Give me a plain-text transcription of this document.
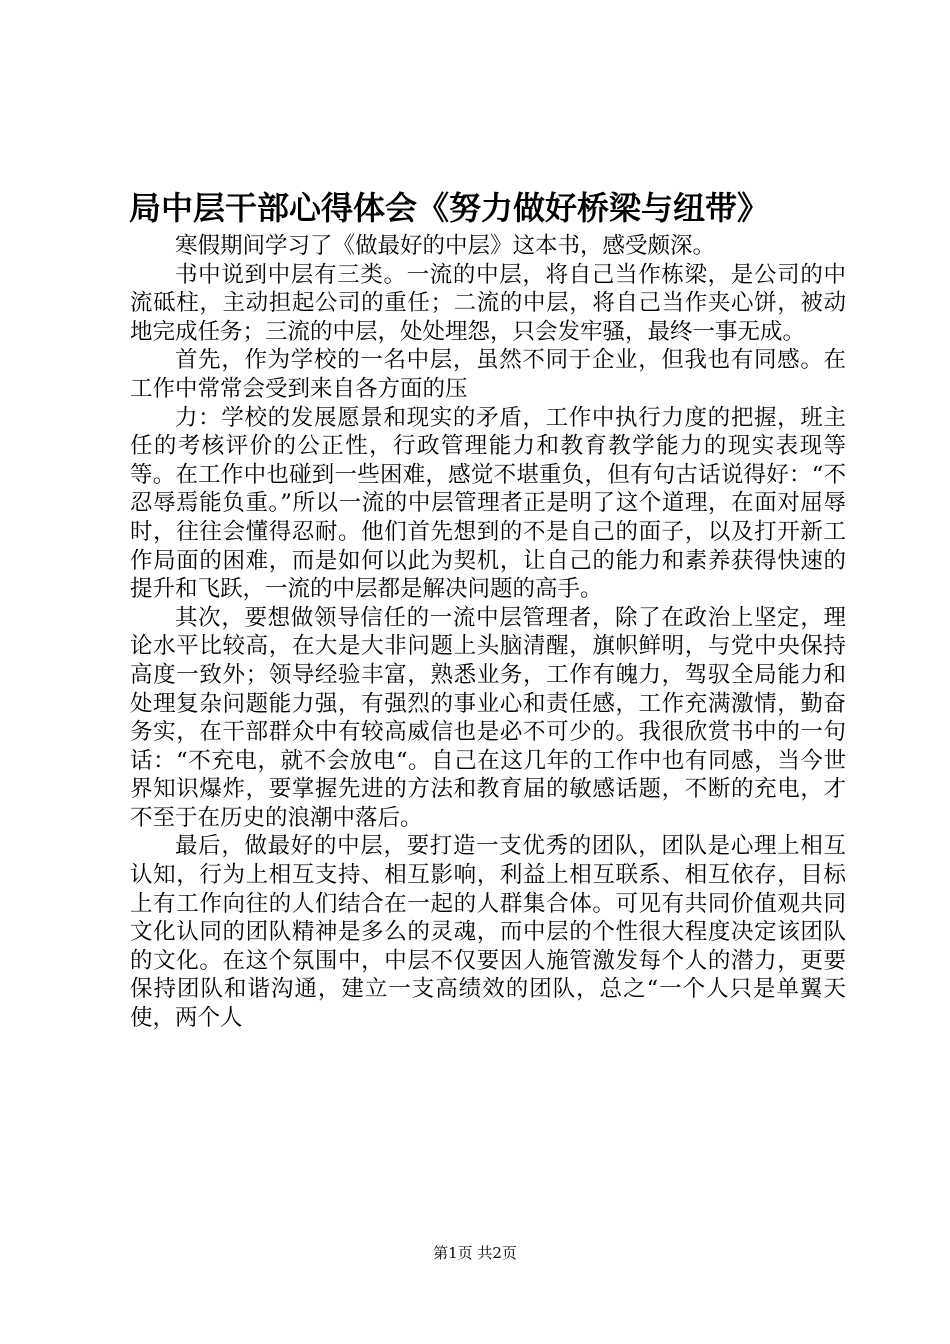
局中层干部心得体会《努力做好桥梁与纽带》

寒假期间学习了《做最好的中层》这本书，感受颇深。

书中说到中层有三类。一流的中层，将自己当作栋梁，是公司的中流砥柱，主动担起公司的重任；二流的中层，将自己当作夹心饼，被动地完成任务；三流的中层，处处埋怨，只会发牢骚，最终一事无成。

首先，作为学校的一名中层，虽然不同于企业，但我也有同感。在工作中常常会受到来自各方面的压

力：学校的发展愿景和现实的矛盾，工作中执行力度的把握，班主任的考核评价的公正性，行政管理能力和教育教学能力的现实表现等等。在工作中也碰到一些困难，感觉不堪重负，但有句古话说得好：“不忍辱焉能负重。”所以一流的中层管理者正是明了这个道理，在面对屈辱时，往往会懂得忍耐。他们首先想到的不是自己的面子，以及打开新工作局面的困难，而是如何以此为契机，让自己的能力和素养获得快速的提升和飞跃，一流的中层都是解决问题的高手。

其次，要想做领导信任的一流中层管理者，除了在政治上坚定，理论水平比较高，在大是大非问题上头脑清醒，旗帜鲜明，与党中央保持高度一致外；领导经验丰富，熟悉业务，工作有魄力，驾驭全局能力和处理复杂问题能力强，有强烈的事业心和责任感，工作充满激情，勤奋务实，在干部群众中有较高威信也是必不可少的。我很欣赏书中的一句话：“不充电，就不会放电“。自己在这几年的工作中也有同感，当今世界知识爆炸，要掌握先进的方法和教育届的敏感话题，不断的充电，才不至于在历史的浪潮中落后。

最后，做最好的中层，要打造一支优秀的团队，团队是心理上相互认知，行为上相互支持、相互影响，利益上相互联系、相互依存，目标上有工作向往的人们结合在一起的人群集合体。可见有共同价值观共同文化认同的团队精神是多么的灵魂，而中层的个性很大程度决定该团队的文化。在这个氛围中，中层不仅要因人施管激发每个人的潜力，更要保持团队和谐沟通，建立一支高绩效的团队，总之“一个人只是单翼天使，两个人

第1页 共2页
